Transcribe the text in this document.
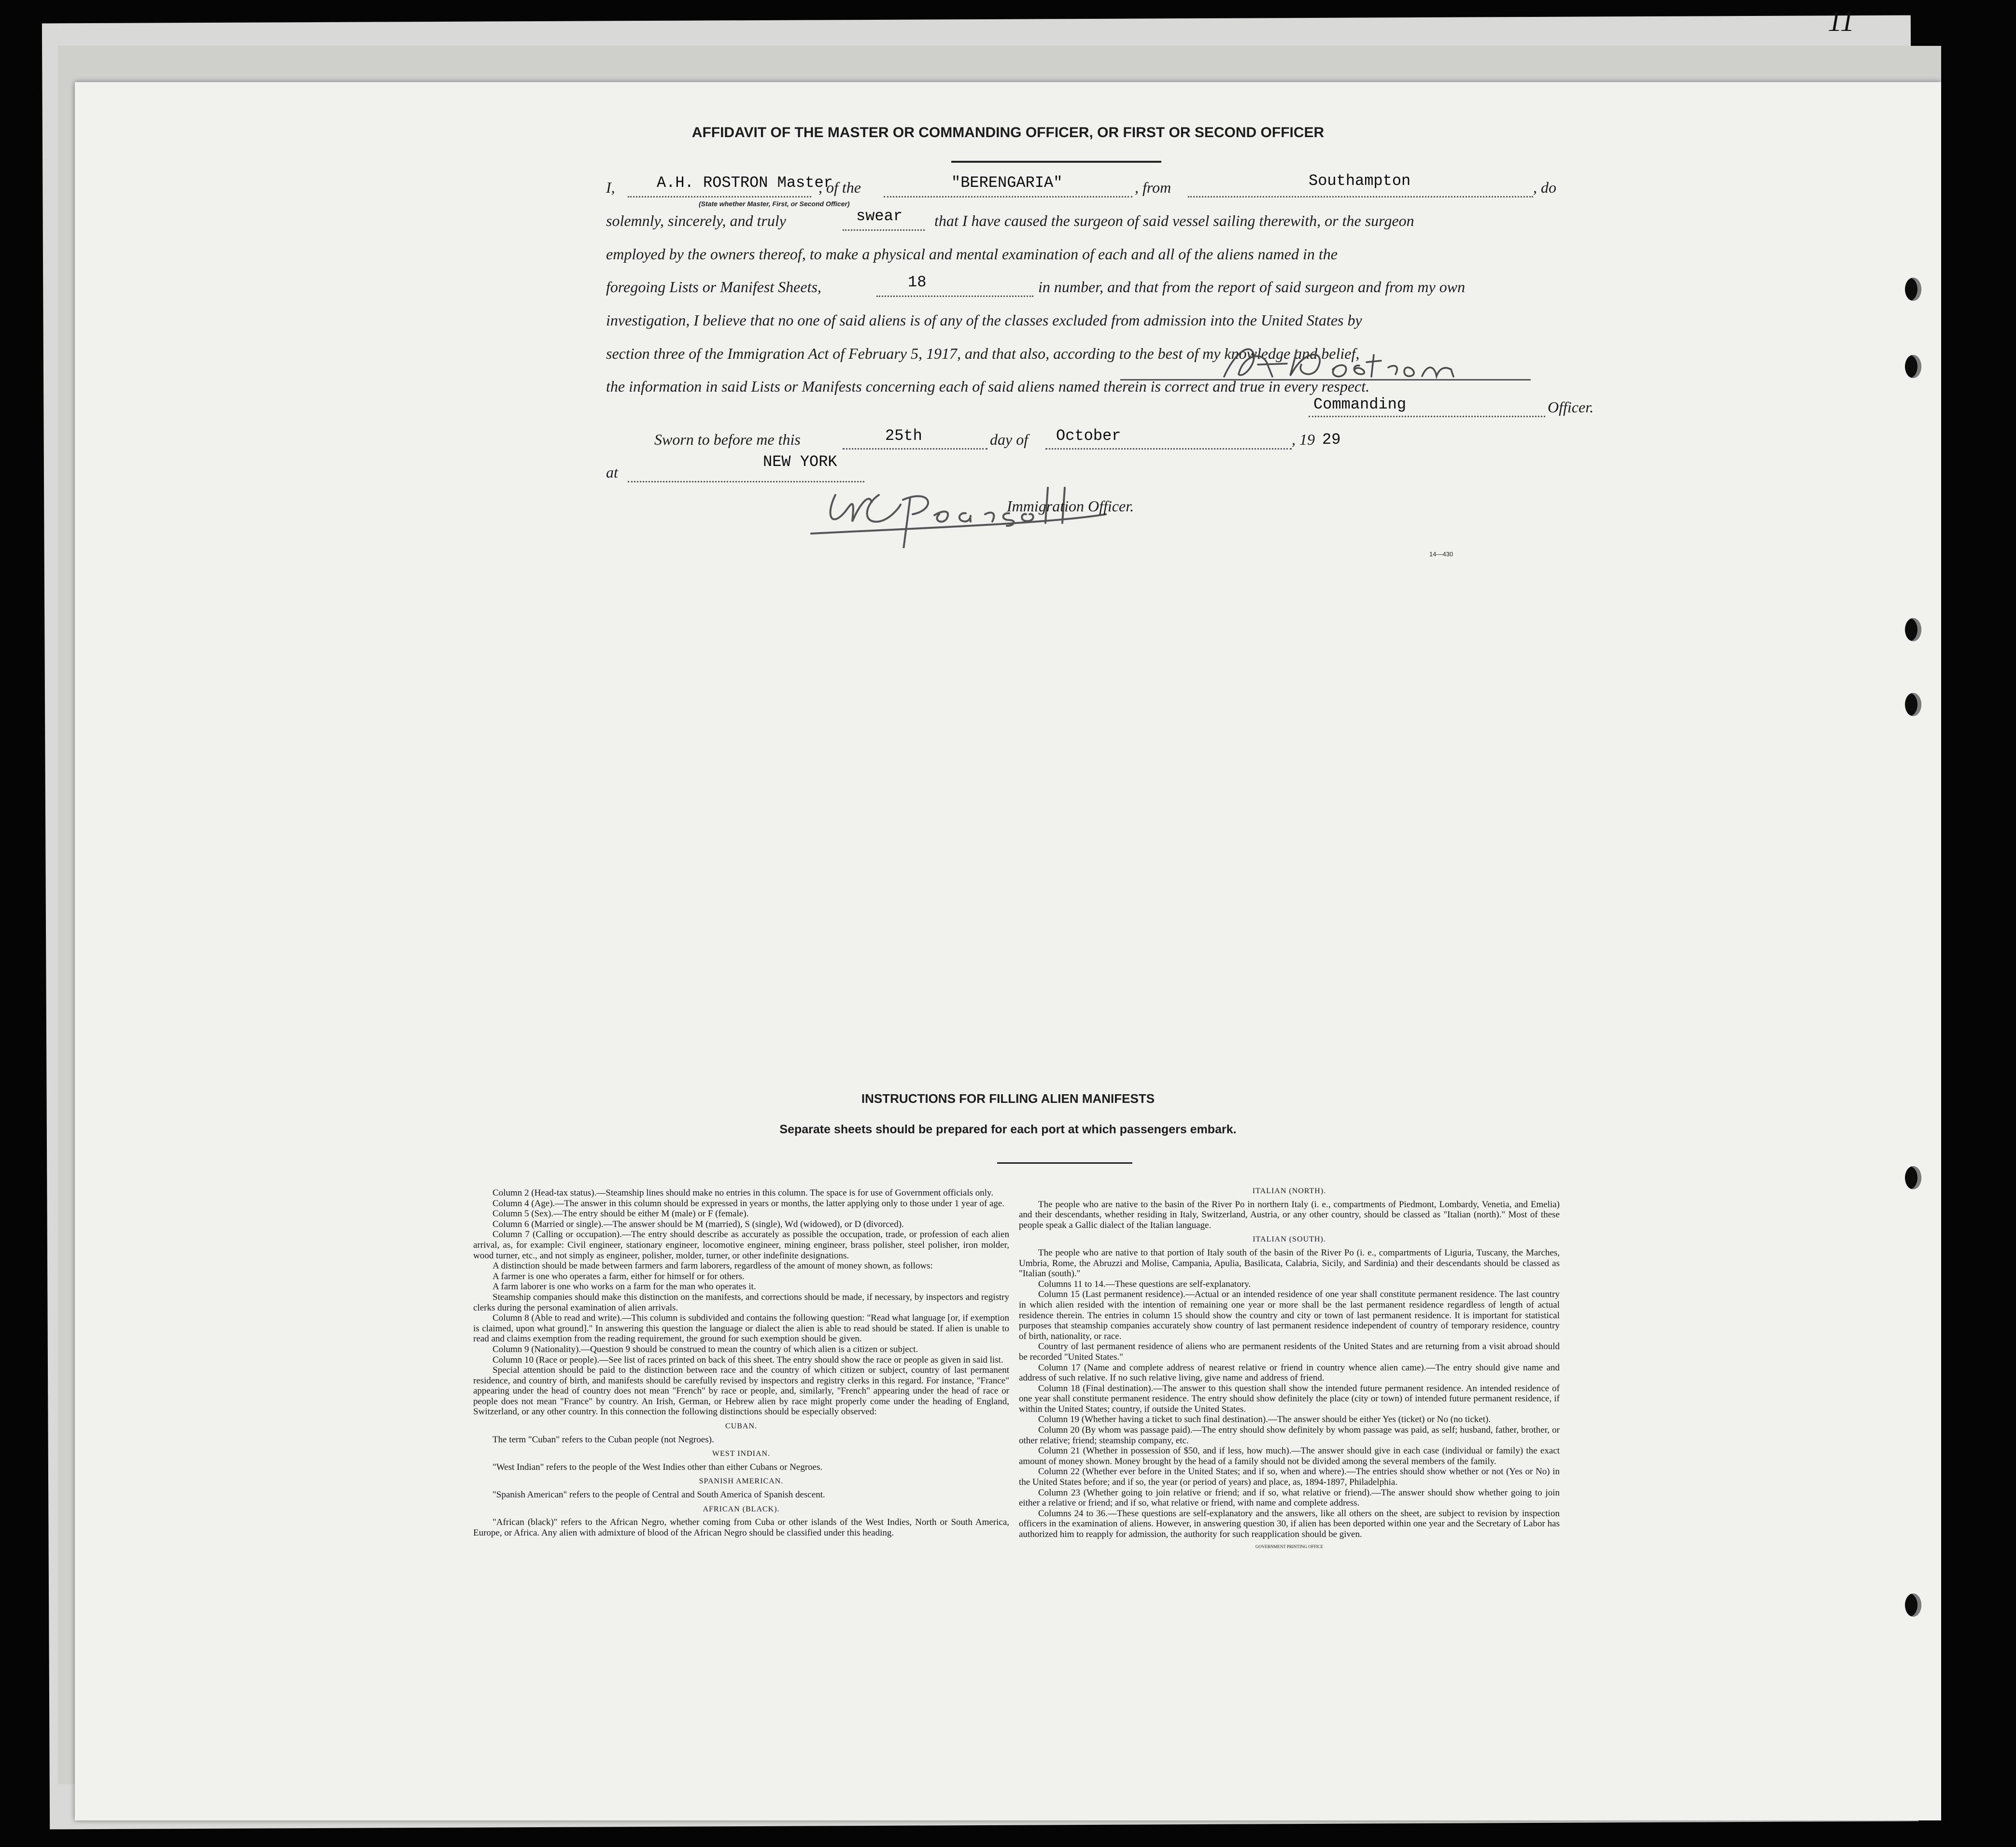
11
AFFIDAVIT OF THE MASTER OR COMMANDING OFFICER, OR FIRST OR SECOND OFFICER
I,	A.H. ROSTRON Master
, of the	"BERENGARIA"	, from	Southampton	, do
(State whether Master, First, or Second Officer)
solemnly, sincerely, and truly	swear that I have caused the surgeon of said vessel sailing therewith, or the surgeon
employed by the owners thereof, to make a physical and mental examination of each and all of the aliens named in the
foregoing Lists or Manifest Sheets,	18	in number, and that from the report of said surgeon and from my own
investigation, I believe that no one of said aliens is of any of the classes excluded from admission into the United States by
section three of the Immigration Act of February 5, 1917, and that also, according to the best of my knowledge and belief,
the information in said Lists or Manifests concerning each of said aliens named therein is correct and true in every respect.
Commanding	Officer.
Sworn to before me this	25th	day of October	, 19 29
at
NEW YORK
Immigration Officer.
14—430
INSTRUCTIONS FOR FILLING ALIEN MANIFESTS
Separate sheets should be prepared for each port at which passengers embark.

Column 2 (Head-tax status).—Steamship lines should make no entries in this column. The space is for use of Government officials only.

Column 4 (Age).—The answer in this column should be expressed in years or months, the latter applying only to those under 1 year of age.

Column 5 (Sex).—The entry should be either M (male) or F (female).

Column 6 (Married or single).—The answer should be M (married), S (single), Wd (widowed), or D (divorced).

Column 7 (Calling or occupation).—The entry should describe as accurately as possible the occupation, trade, or profession of each alien arrival, as, for example: Civil engineer, stationary engineer, locomotive engineer, mining engineer, brass polisher, steel polisher, iron molder, wood turner, etc., and not simply as engineer, polisher, molder, turner, or other indefinite designations.

A distinction should be made between farmers and farm laborers, regardless of the amount of money shown, as follows:

A farmer is one who operates a farm, either for himself or for others.

A farm laborer is one who works on a farm for the man who operates it.

Steamship companies should make this distinction on the manifests, and corrections should be made, if necessary, by inspectors and registry clerks during the personal examination of alien arrivals.

Column 8 (Able to read and write).—This column is subdivided and contains the following question: "Read what language [or, if exemption is claimed, upon what ground]." In answering this question the language or dialect the alien is able to read should be stated. If alien is unable to read and claims exemption from the reading requirement, the ground for such exemption should be given.

Column 9 (Nationality).—Question 9 should be construed to mean the country of which alien is a citizen or subject.

Column 10 (Race or people).—See list of races printed on back of this sheet. The entry should show the race or people as given in said list.

Special attention should be paid to the distinction between race and the country of which citizen or subject, country of last permanent residence, and country of birth, and manifests should be carefully revised by inspectors and registry clerks in this regard. For instance, "France" appearing under the head of country does not mean "French" by race or people, and, similarly, "French" appearing under the head of race or people does not mean "France" by country. An Irish, German, or Hebrew alien by race might properly come under the heading of England, Switzerland, or any other country. In this connection the following distinctions should be especially observed:

CUBAN.

The term "Cuban" refers to the Cuban people (not Negroes).

WEST INDIAN.

"West Indian" refers to the people of the West Indies other than either Cubans or Negroes.

SPANISH AMERICAN.

"Spanish American" refers to the people of Central and South America of Spanish descent.

AFRICAN (BLACK).

"African (black)" refers to the African Negro, whether coming from Cuba or other islands of the West Indies, North or South America, Europe, or Africa. Any alien with admixture of blood of the African Negro should be classified under this heading.

ITALIAN (NORTH).

The people who are native to the basin of the River Po in northern Italy (i. e., compartments of Piedmont, Lombardy, Venetia, and Emelia) and their descendants, whether residing in Italy, Switzerland, Austria, or any other country, should be classed as "Italian (north)." Most of these people speak a Gallic dialect of the Italian language.

ITALIAN (SOUTH).

The people who are native to that portion of Italy south of the basin of the River Po (i. e., compartments of Liguria, Tuscany, the Marches, Umbria, Rome, the Abruzzi and Molise, Campania, Apulia, Basilicata, Calabria, Sicily, and Sardinia) and their descendants should be classed as "Italian (south)."

Columns 11 to 14.—These questions are self-explanatory.

Column 15 (Last permanent residence).—Actual or an intended residence of one year shall constitute permanent residence. The last country in which alien resided with the intention of remaining one year or more shall be the last permanent residence regardless of length of actual residence therein. The entries in column 15 should show the country and city or town of last permanent residence. It is important for statistical purposes that steamship companies accurately show country of last permanent residence independent of country of temporary residence, country of birth, nationality, or race.

Country of last permanent residence of aliens who are permanent residents of the United States and are returning from a visit abroad should be recorded "United States."

Column 17 (Name and complete address of nearest relative or friend in country whence alien came).—The entry should give name and address of such relative. If no such relative living, give name and address of friend.

Column 18 (Final destination).—The answer to this question shall show the intended future permanent residence. An intended residence of one year shall constitute permanent residence. The entry should show definitely the place (city or town) of intended future permanent residence, if within the United States; country, if outside the United States.

Column 19 (Whether having a ticket to such final destination).—The answer should be either Yes (ticket) or No (no ticket).

Column 20 (By whom was passage paid).—The entry should show definitely by whom passage was paid, as self; husband, father, brother, or other relative; friend; steamship company, etc.

Column 21 (Whether in possession of $50, and if less, how much).—The answer should give in each case (individual or family) the exact amount of money shown. Money brought by the head of a family should not be divided among the several members of the family.

Column 22 (Whether ever before in the United States; and if so, when and where).—The entries should show whether or not (Yes or No) in the United States before; and if so, the year (or period of years) and place, as, 1894-1897, Philadelphia.

Column 23 (Whether going to join relative or friend; and if so, what relative or friend).—The answer should show whether going to join either a relative or friend; and if so, what relative or friend, with name and complete address.

Columns 24 to 36.—These questions are self-explanatory and the answers, like all others on the sheet, are subject to revision by inspection officers in the examination of aliens. However, in answering question 30, if alien has been deported within one year and the Secretary of Labor has authorized him to reapply for admission, the authority for such reapplication should be given.

GOVERNMENT PRINTING OFFICE
